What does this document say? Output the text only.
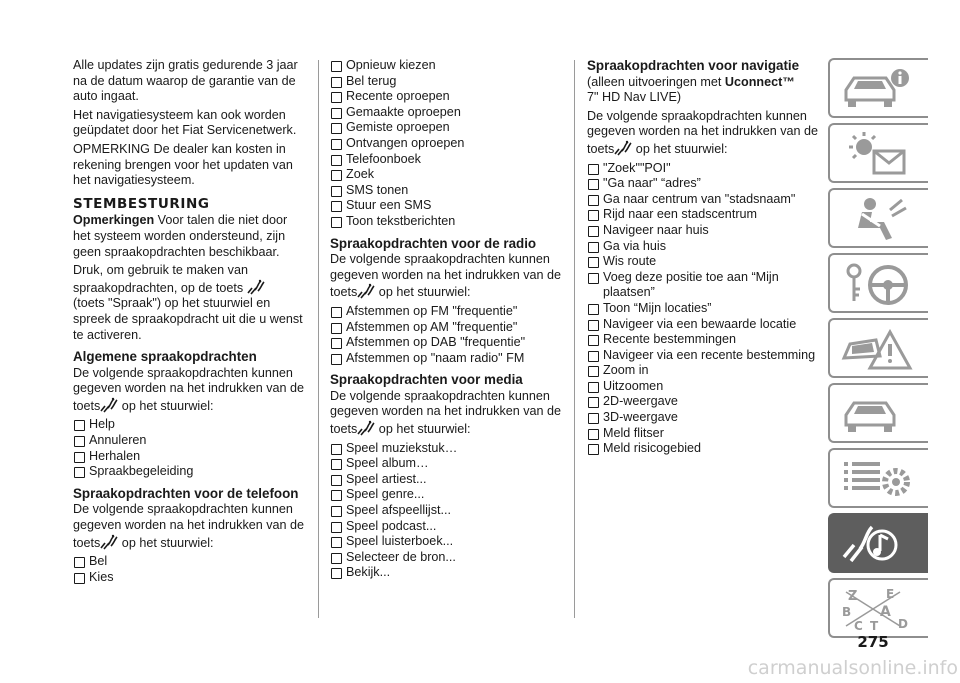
Alle updates zijn gratis gedurende 3 jaar na de datum waarop de garantie van de auto ingaat.

Het navigatiesysteem kan ook worden geüpdatet door het Fiat Servicenetwerk.

OPMERKING De dealer kan kosten in rekening brengen voor het updaten van het navigatiesysteem.

STEMBESTURING

Opmerkingen Voor talen die niet door het systeem worden ondersteund, zijn geen spraakopdrachten beschikbaar.

Druk, om gebruik te maken van spraakopdrachten, op de toets
(toets "Spraak") op het stuurwiel en spreek de spraakopdracht uit die u wenst te activeren.

Algemene spraakopdrachten

De volgende spraakopdrachten kunnen gegeven worden na het indrukken van de toets op het stuurwiel:

Help
Annuleren
Herhalen
Spraakbegeleiding
Spraakopdrachten voor de telefoon

De volgende spraakopdrachten kunnen gegeven worden na het indrukken van de toets op het stuurwiel:

Bel
Kies
Opnieuw kiezen
Bel terug
Recente oproepen
Gemaakte oproepen
Gemiste oproepen
Ontvangen oproepen
Telefoonboek
Zoek
SMS tonen
Stuur een SMS
Toon tekstberichten
Spraakopdrachten voor de radio

De volgende spraakopdrachten kunnen gegeven worden na het indrukken van de toets op het stuurwiel:

Afstemmen op FM "frequentie"
Afstemmen op AM "frequentie"
Afstemmen op DAB "frequentie"
Afstemmen op "naam radio" FM
Spraakopdrachten voor media

De volgende spraakopdrachten kunnen gegeven worden na het indrukken van de toets op het stuurwiel:

Speel muziekstuk…
Speel album…
Speel artiest...
Speel genre...
Speel afspeellijst...
Speel podcast...
Speel luisterboek...
Selecteer de bron...
Bekijk...
Spraakopdrachten voor navigatie

(alleen uitvoeringen met Uconnect™
7" HD Nav LIVE)

De volgende spraakopdrachten kunnen gegeven worden na het indrukken van de toets op het stuurwiel:

"Zoek""POI"
"Ga naar" “adres”
Ga naar centrum van "stadsnaam"
Rijd naar een stadscentrum
Navigeer naar huis
Ga via huis
Wis route
Voeg deze positie toe aan “Mijn plaatsen”
Toon “Mijn locaties”
Navigeer via een bewaarde locatie
Recente bestemmingen
Navigeer via een recente bestemming
Zoom in
Uitzoomen
2D-weergave
3D-weergave
Meld flitser
Meld risicogebied
Z E
B A
C T D
275
carmanualsonline.info
